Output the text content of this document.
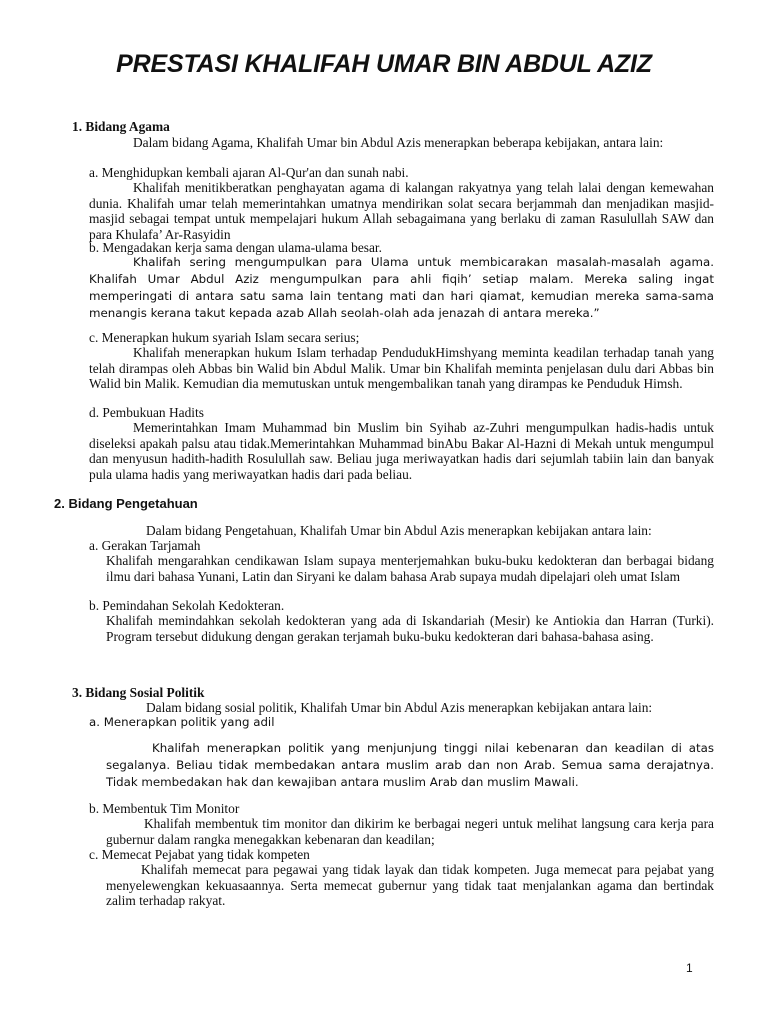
PRESTASI KHALIFAH UMAR BIN ABDUL AZIZ
1. Bidang Agama

Dalam bidang Agama, Khalifah Umar bin Abdul Azis menerapkan beberapa kebijakan, antara lain:

a. Menghidupkan kembali ajaran Al-Qur'an dan sunah nabi.

Khalifah menitikberatkan penghayatan agama di kalangan rakyatnya yang telah lalai dengan kemewahan dunia. Khalifah umar telah memerintahkan umatnya mendirikan solat secara berjammah dan menjadikan masjid-masjid sebagai tempat untuk mempelajari hukum Allah sebagaimana yang berlaku di zaman Rasulullah SAW dan para Khulafa’ Ar-Rasyidin

b. Mengadakan kerja sama dengan ulama-ulama besar.

Khalifah sering mengumpulkan para Ulama untuk membicarakan masalah-masalah agama. Khalifah Umar Abdul Aziz mengumpulkan para ahli fiqih’ setiap malam. Mereka saling ingat memperingati di antara satu sama lain tentang mati dan hari qiamat, kemudian mereka sama-sama menangis kerana takut kepada azab Allah seolah-olah ada jenazah di antara mereka.”

c. Menerapkan hukum syariah Islam secara serius;

Khalifah menerapkan hukum Islam terhadap PendudukHimshyang meminta keadilan terhadap tanah yang telah dirampas oleh Abbas bin Walid bin Abdul Malik. Umar bin Khalifah meminta penjelasan dulu dari Abbas bin Walid bin Malik. Kemudian dia memutuskan untuk mengembalikan tanah yang dirampas ke Penduduk Himsh.

d. Pembukuan Hadits

Memerintahkan Imam Muhammad bin Muslim bin Syihab az-Zuhri mengumpulkan hadis-hadis untuk diseleksi apakah palsu atau tidak.Memerintahkan Muhammad binAbu Bakar Al-Hazni di Mekah untuk mengumpul dan menyusun hadith-hadith Rosulullah saw. Beliau juga meriwayatkan hadis dari sejumlah tabiin lain dan banyak pula ulama hadis yang meriwayatkan hadis dari pada beliau.

2. Bidang Pengetahuan

Dalam bidang Pengetahuan, Khalifah Umar bin Abdul Azis menerapkan kebijakan antara lain:

a. Gerakan Tarjamah

Khalifah mengarahkan cendikawan Islam supaya menterjemahkan buku-buku kedokteran dan berbagai bidang ilmu dari bahasa Yunani, Latin dan Siryani ke dalam bahasa Arab supaya mudah dipelajari oleh umat Islam

b. Pemindahan Sekolah Kedokteran.

Khalifah memindahkan sekolah kedokteran yang ada di Iskandariah (Mesir) ke Antiokia dan Harran (Turki). Program tersebut didukung dengan gerakan terjamah buku-buku kedokteran dari bahasa-bahasa asing.

3. Bidang Sosial Politik

Dalam bidang sosial politik, Khalifah Umar bin Abdul Azis menerapkan kebijakan antara lain:

a. Menerapkan politik yang adil

Khalifah menerapkan politik yang menjunjung tinggi nilai kebenaran dan keadilan di atas segalanya. Beliau tidak membedakan antara muslim arab dan non Arab. Semua sama derajatnya. Tidak membedakan hak dan kewajiban antara muslim Arab dan muslim Mawali.

b. Membentuk Tim Monitor

Khalifah membentuk tim monitor dan dikirim ke berbagai negeri untuk melihat langsung cara kerja para gubernur dalam rangka menegakkan kebenaran dan keadilan;

c. Memecat Pejabat yang tidak kompeten

Khalifah memecat para pegawai yang tidak layak dan tidak kompeten. Juga memecat para pejabat yang menyelewengkan kekuasaannya. Serta memecat gubernur yang tidak taat menjalankan agama dan bertindak zalim terhadap rakyat.

1
